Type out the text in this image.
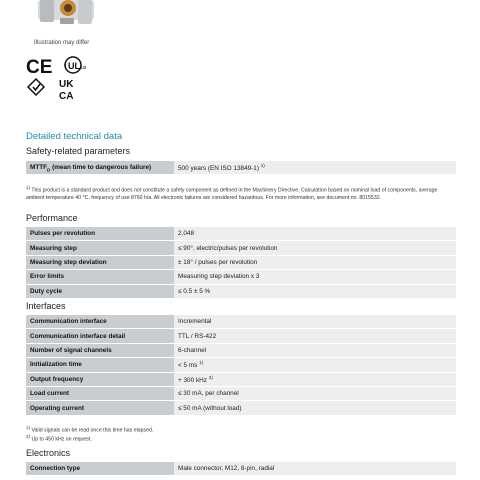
Illustration may differ
CE c UL us
UK
CA
Detailed technical data
Safety-related parameters
$MTTF_D$ (mean time to dangerous failure)	500 years (EN ISO 13849-1) $^{1)}$
$^{1)}$ This product is a standard product and does not constitute a safety component as defined in the Machinery Directive. Calculation based on nominal load of components, average ambient temperature 40 °C, frequency of use 8760 h/a. All electronic failures are considered hazardous. For more information, see document no. 8015532.
Performance
Pulses per revolution	2,048
Measuring step	≤ 90°, electric/pulses per revolution
Measuring step deviation	± 18° / pulses per revolution
Error limits	Measuring step deviation x 3
Duty cycle	≤ 0.5 ± 5 %
Interfaces
Communication interface	Incremental
Communication interface detail	TTL / RS-422
Number of signal channels	6-channel
Initialization time	< 5 ms $^{1)}$
Output frequency	+ 300 kHz $^{2)}$
Load current	≤ 30 mA, per channel
Operating current	≤ 50 mA (without load)
$^{1)}$ Valid signals can be read once this time has elapsed.
$^{2)}$ Up to 450 kHz on request.
Electronics
Connection type	Male connector, M12, 8-pin, radial
